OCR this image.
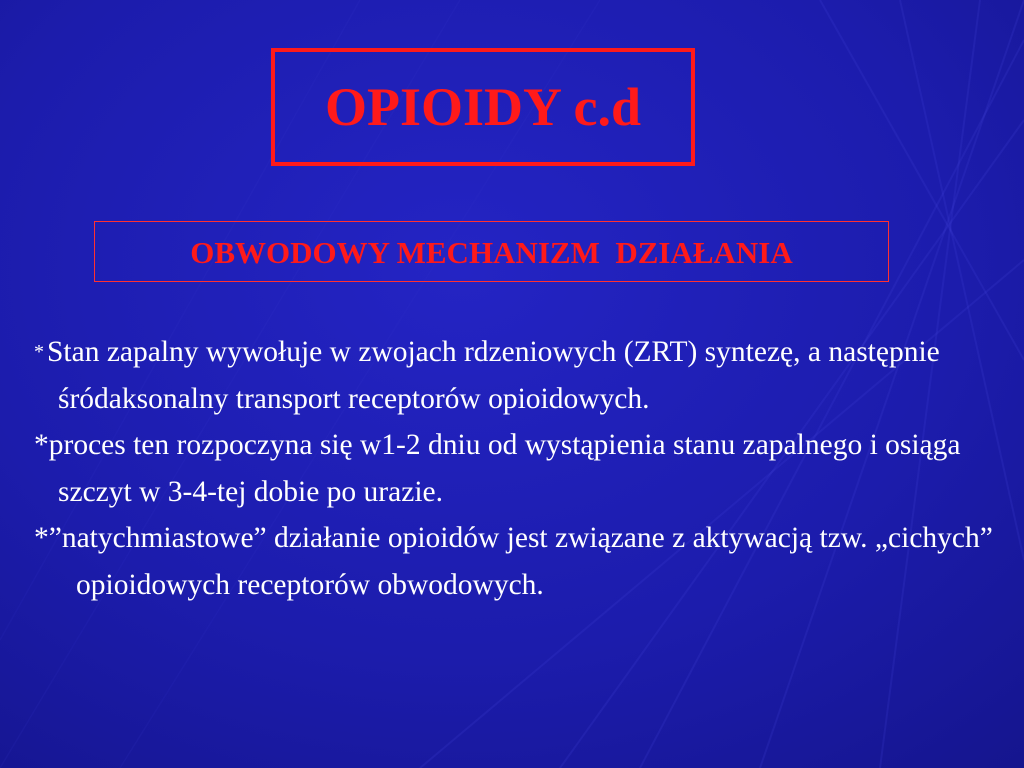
OPIOIDY c.d
OBWODOWY MECHANIZM  DZIAŁANIA

* Stan zapalny wywołuje w zwojach rdzeniowych (ZRT) syntezę, a następnie śródaksonalny transport receptorów opioidowych.

*proces ten rozpoczyna się w1-2 dniu od wystąpienia stanu zapalnego i osiąga szczyt w 3-4-tej dobie po urazie.

*”natychmiastowe” działanie opioidów jest związane z aktywacją tzw. „cichych” opioidowych receptorów obwodowych.
